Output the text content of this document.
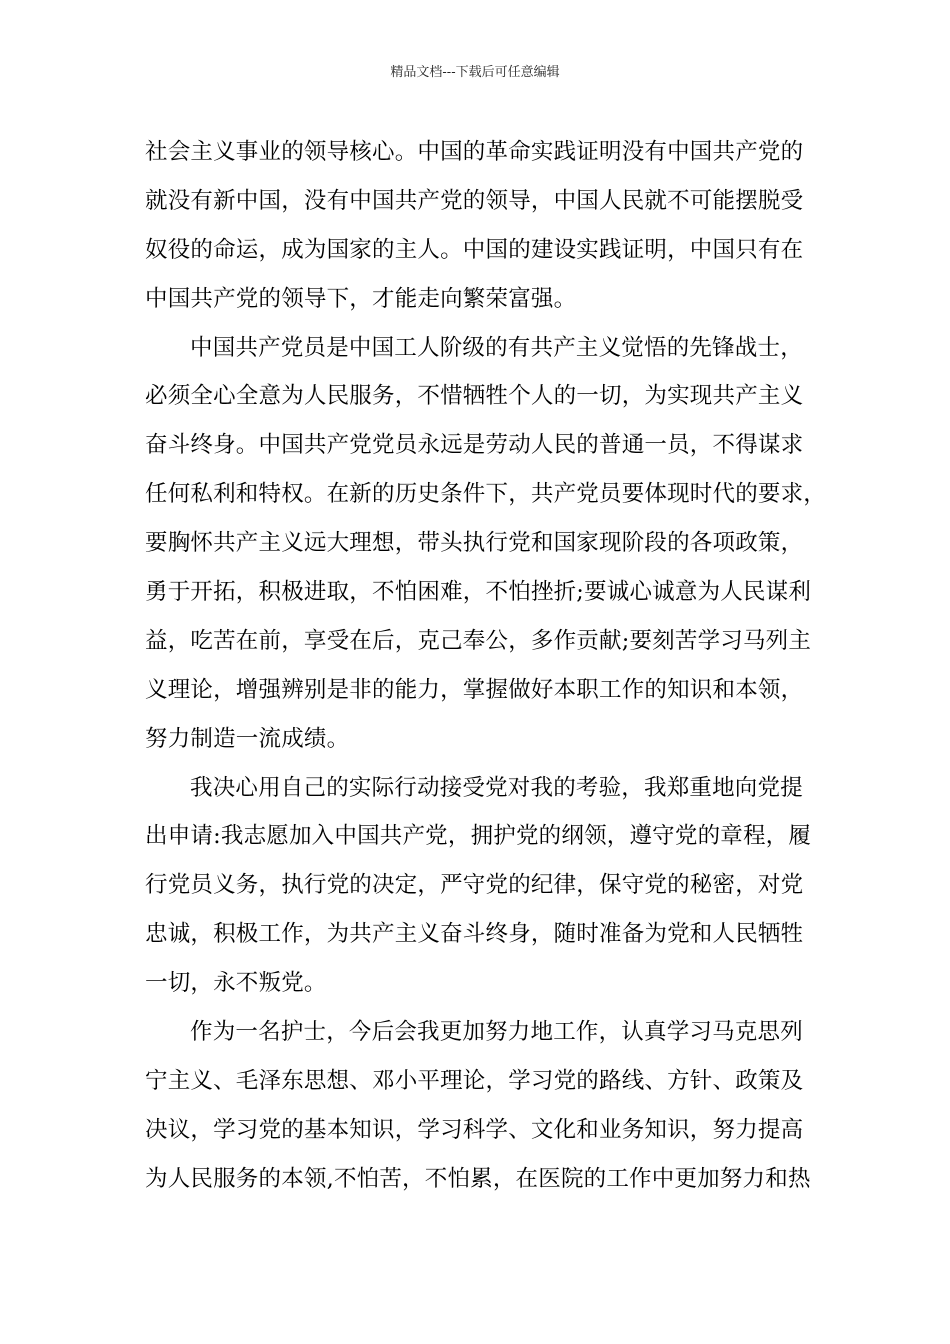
精品文档---下载后可任意编辑
社会主义事业的领导核心。中国的革命实践证明没有中国共产党的
就没有新中国，没有中国共产党的领导，中国人民就不可能摆脱受
奴役的命运，成为国家的主人。中国的建设实践证明，中国只有在
中国共产党的领导下，才能走向繁荣富强。
中国共产党员是中国工人阶级的有共产主义觉悟的先锋战士，
必须全心全意为人民服务，不惜牺牲个人的一切，为实现共产主义
奋斗终身。中国共产党党员永远是劳动人民的普通一员，不得谋求
任何私利和特权。在新的历史条件下，共产党员要体现时代的要求，
要胸怀共产主义远大理想，带头执行党和国家现阶段的各项政策，
勇于开拓，积极进取，不怕困难，不怕挫折;要诚心诚意为人民谋利
益，吃苦在前，享受在后，克己奉公，多作贡献;要刻苦学习马列主
义理论，增强辨别是非的能力，掌握做好本职工作的知识和本领，
努力制造一流成绩。
我决心用自己的实际行动接受党对我的考验，我郑重地向党提
出申请:我志愿加入中国共产党，拥护党的纲领，遵守党的章程，履
行党员义务，执行党的决定，严守党的纪律，保守党的秘密，对党
忠诚，积极工作，为共产主义奋斗终身，随时准备为党和人民牺牲
一切，永不叛党。
作为一名护士，今后会我更加努力地工作，认真学习马克思列
宁主义、毛泽东思想、邓小平理论，学习党的路线、方针、政策及
决议，学习党的基本知识，学习科学、文化和业务知识，努力提高
为人民服务的本领,不怕苦，不怕累，在医院的工作中更加努力和热
